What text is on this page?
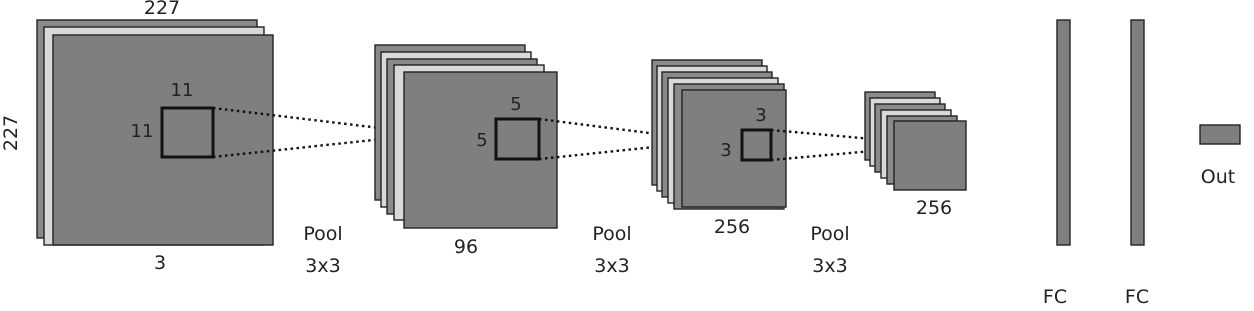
227
227
3
11
11
96
5
5
256
3
3
256
Pool
3x3
Pool
3x3
Pool
3x3
FC	FC
Out
